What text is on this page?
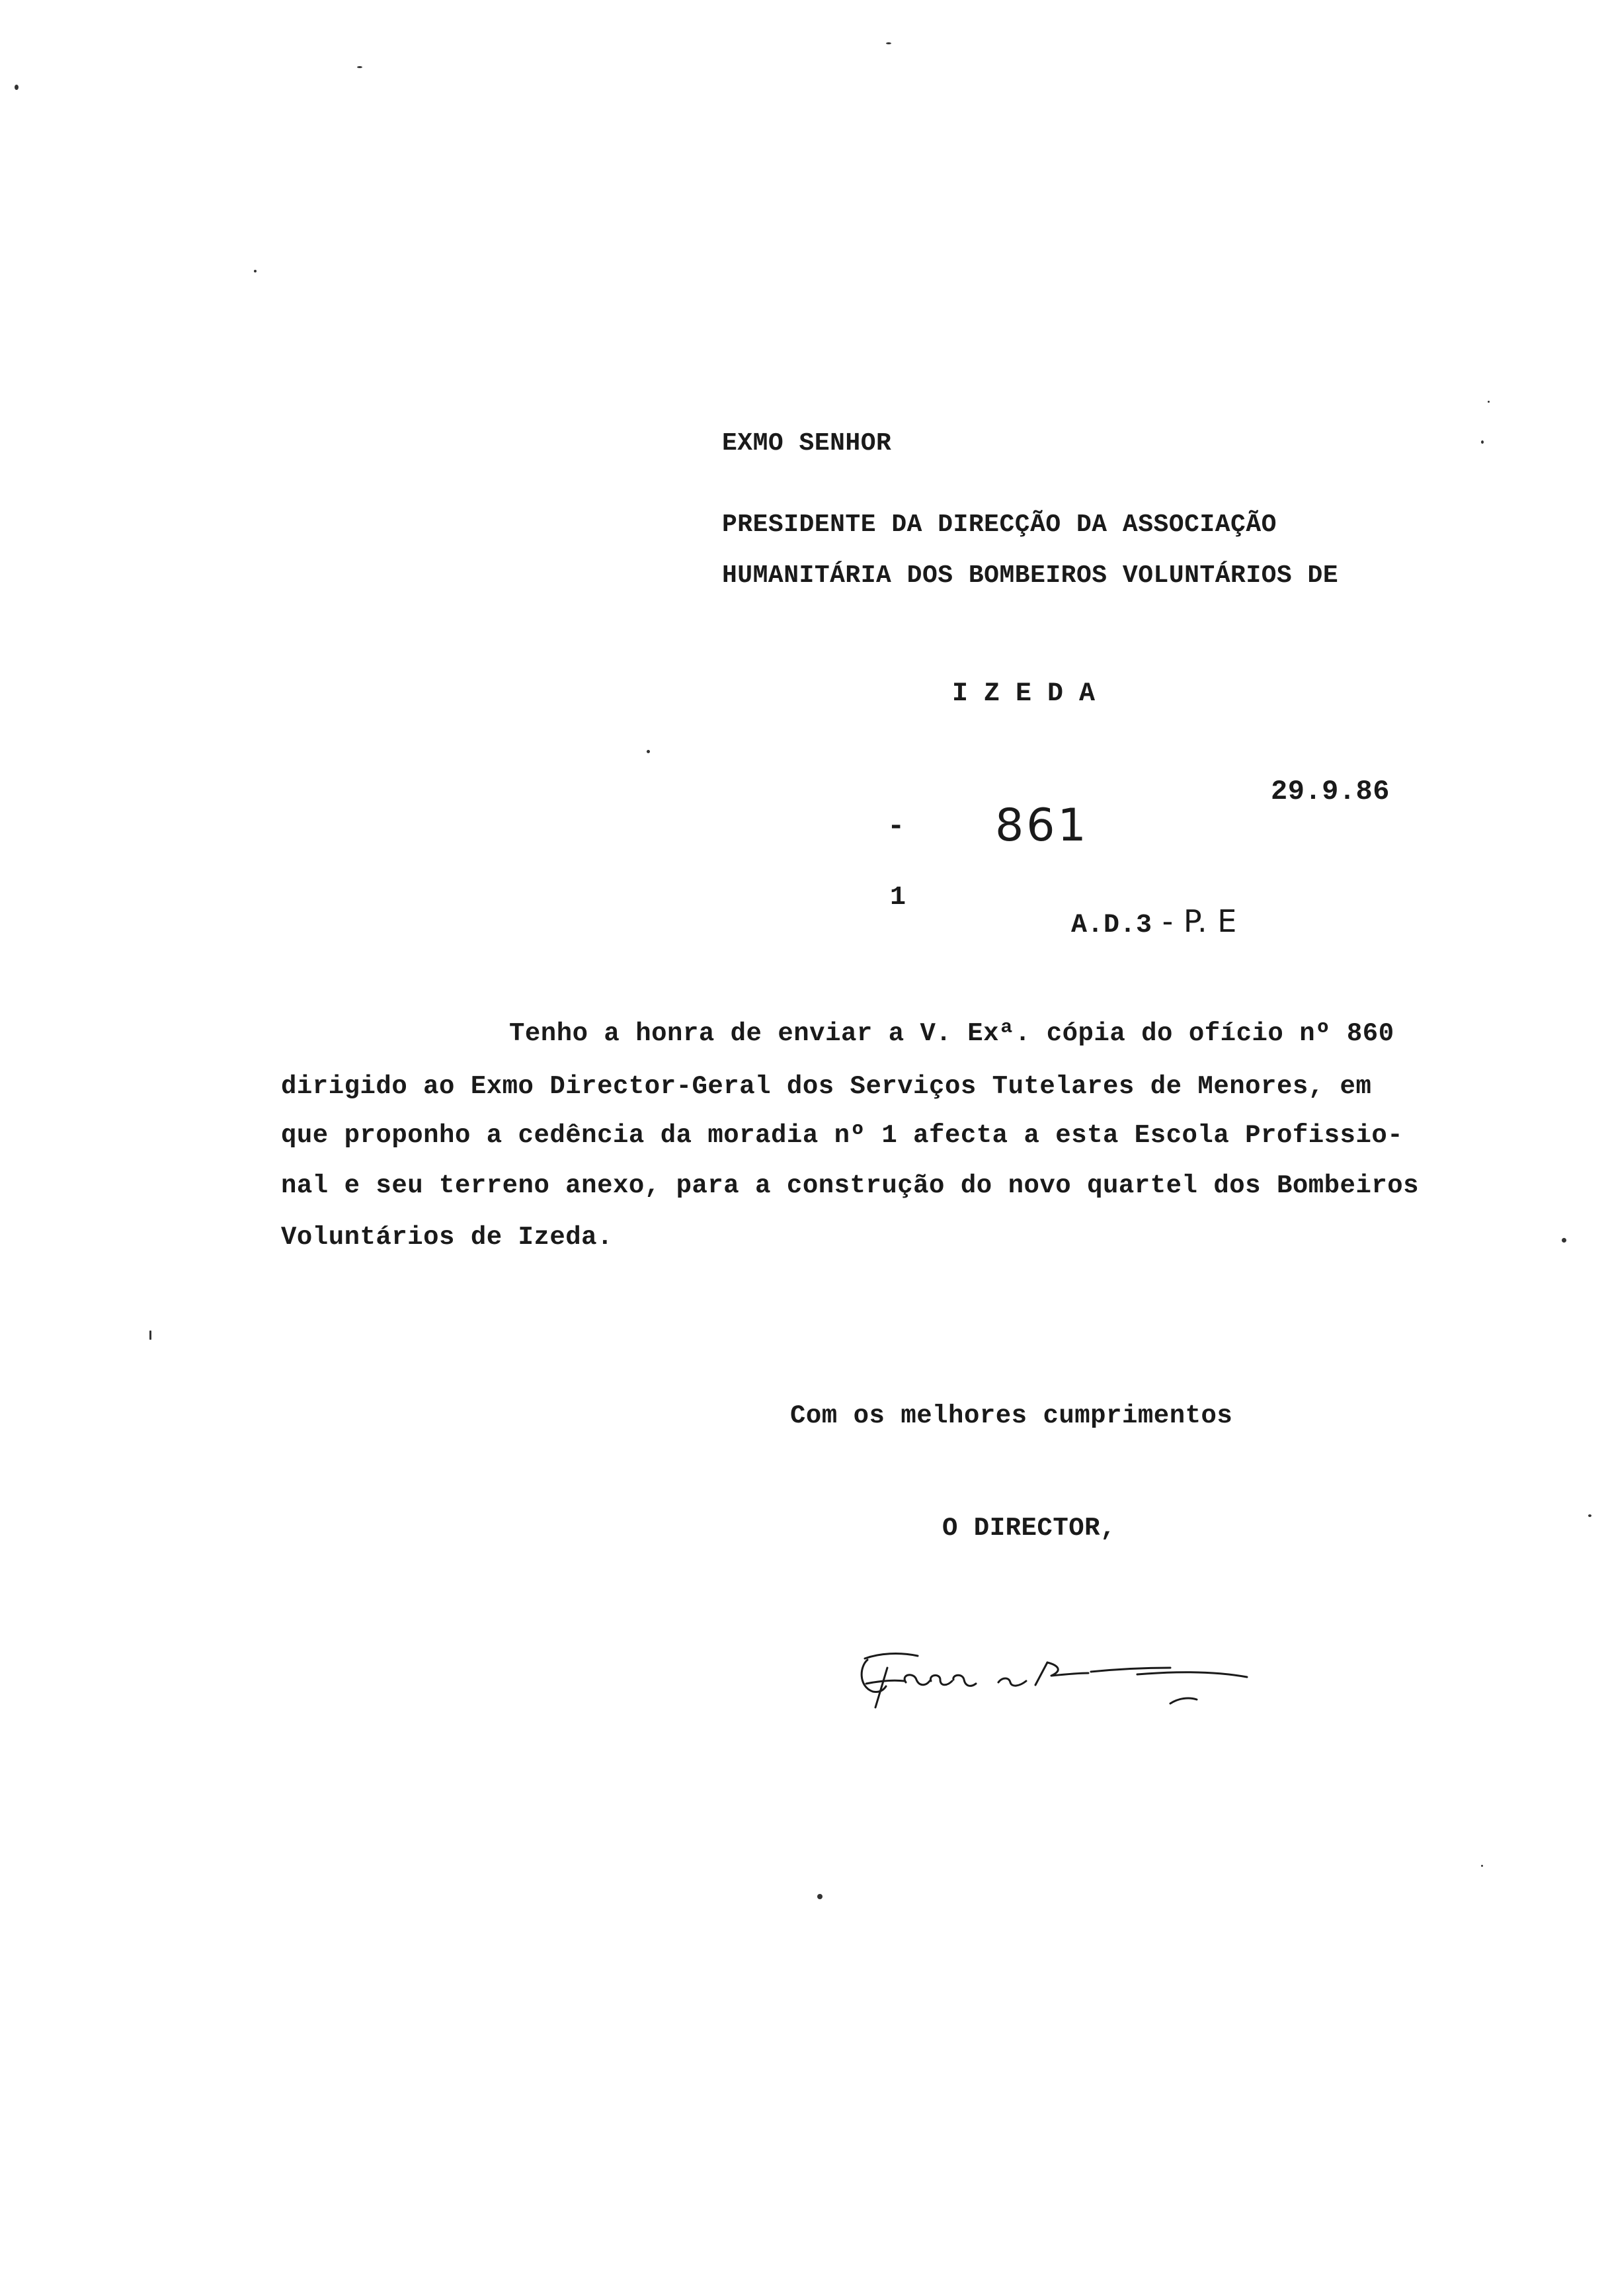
EXMO SENHOR
PRESIDENTE DA DIRECÇÃO DA ASSOCIAÇÃO
HUMANITÁRIA DOS BOMBEIROS VOLUNTÁRIOS DE
IZEDA
29.9.86
- 861
1

A.D.3 - P. E

Tenho a honra de enviar a V. Exª. cópia do ofício nº 860
dirigido ao Exmo Director-Geral dos Serviços Tutelares de Menores, em
que proponho a cedência da moradia nº 1 afecta a esta Escola Profissio-
nal e seu terreno anexo, para a construção do novo quartel dos Bombeiros
Voluntários de Izeda.
Com os melhores cumprimentos
O DIRECTOR,
